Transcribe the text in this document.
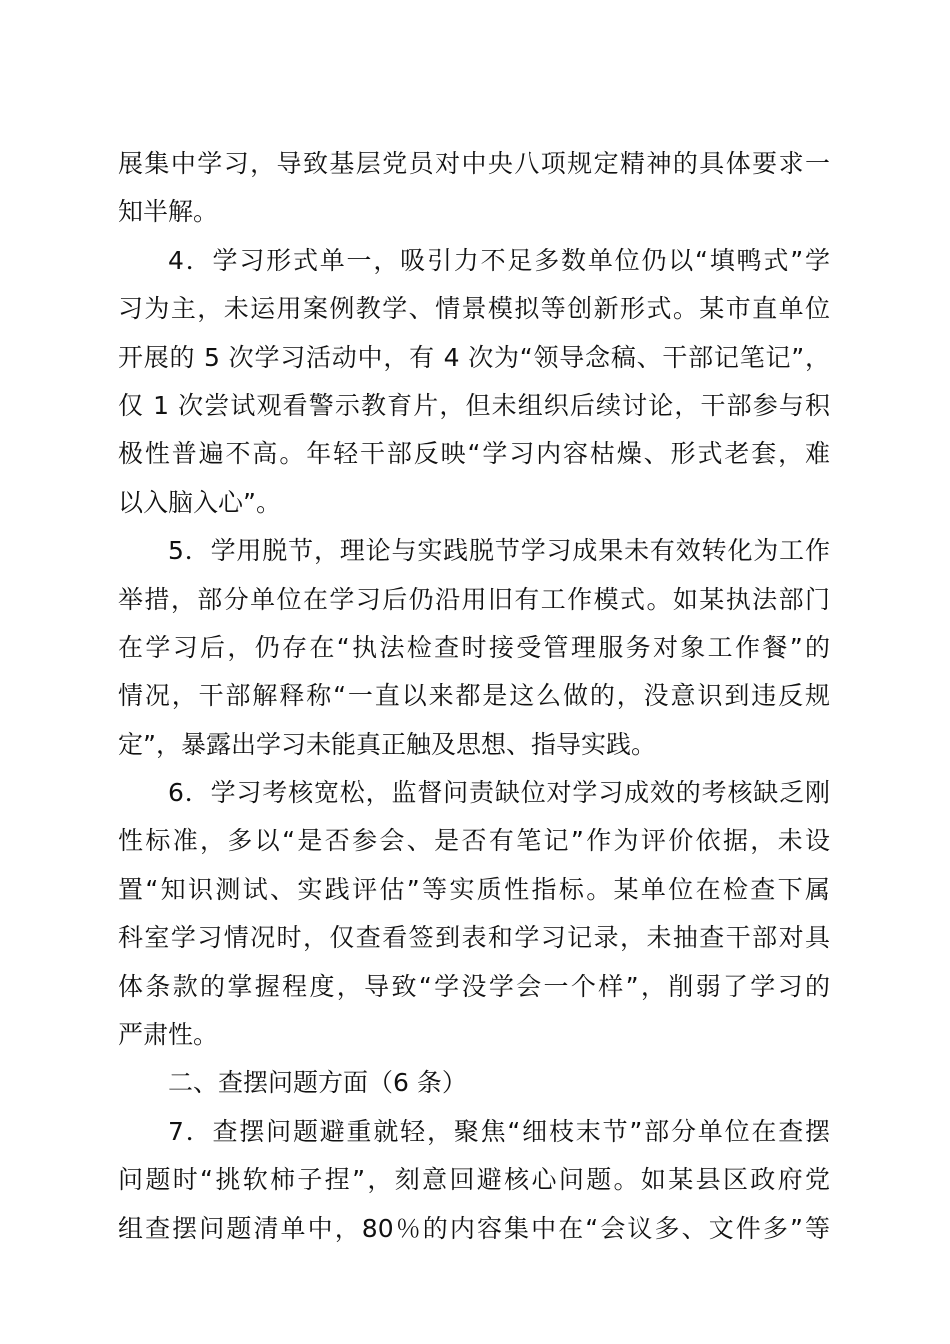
展集中学习，导致基层党员对中央八项规定精神的具体要求一
知半解。
4．学习形式单一，吸引力不足多数单位仍以“填鸭式”学
习为主，未运用案例教学、情景模拟等创新形式。某市直单位
开展的 5 次学习活动中，有 4 次为“领导念稿、干部记笔记”，
仅 1 次尝试观看警示教育片，但未组织后续讨论，干部参与积
极性普遍不高。年轻干部反映“学习内容枯燥、形式老套，难
以入脑入心”。
5．学用脱节，理论与实践脱节学习成果未有效转化为工作
举措，部分单位在学习后仍沿用旧有工作模式。如某执法部门
在学习后，仍存在“执法检查时接受管理服务对象工作餐”的
情况，干部解释称“一直以来都是这么做的，没意识到违反规
定”，暴露出学习未能真正触及思想、指导实践。
6．学习考核宽松，监督问责缺位对学习成效的考核缺乏刚
性标准，多以“是否参会、是否有笔记”作为评价依据，未设
置“知识测试、实践评估”等实质性指标。某单位在检查下属
科室学习情况时，仅查看签到表和学习记录，未抽查干部对具
体条款的掌握程度，导致“学没学会一个样”，削弱了学习的
严肃性。
二、查摆问题方面（6 条）
7．查摆问题避重就轻，聚焦“细枝末节”部分单位在查摆
问题时“挑软柿子捏”，刻意回避核心问题。如某县区政府党
组查摆问题清单中，80％的内容集中在“会议多、文件多”等
